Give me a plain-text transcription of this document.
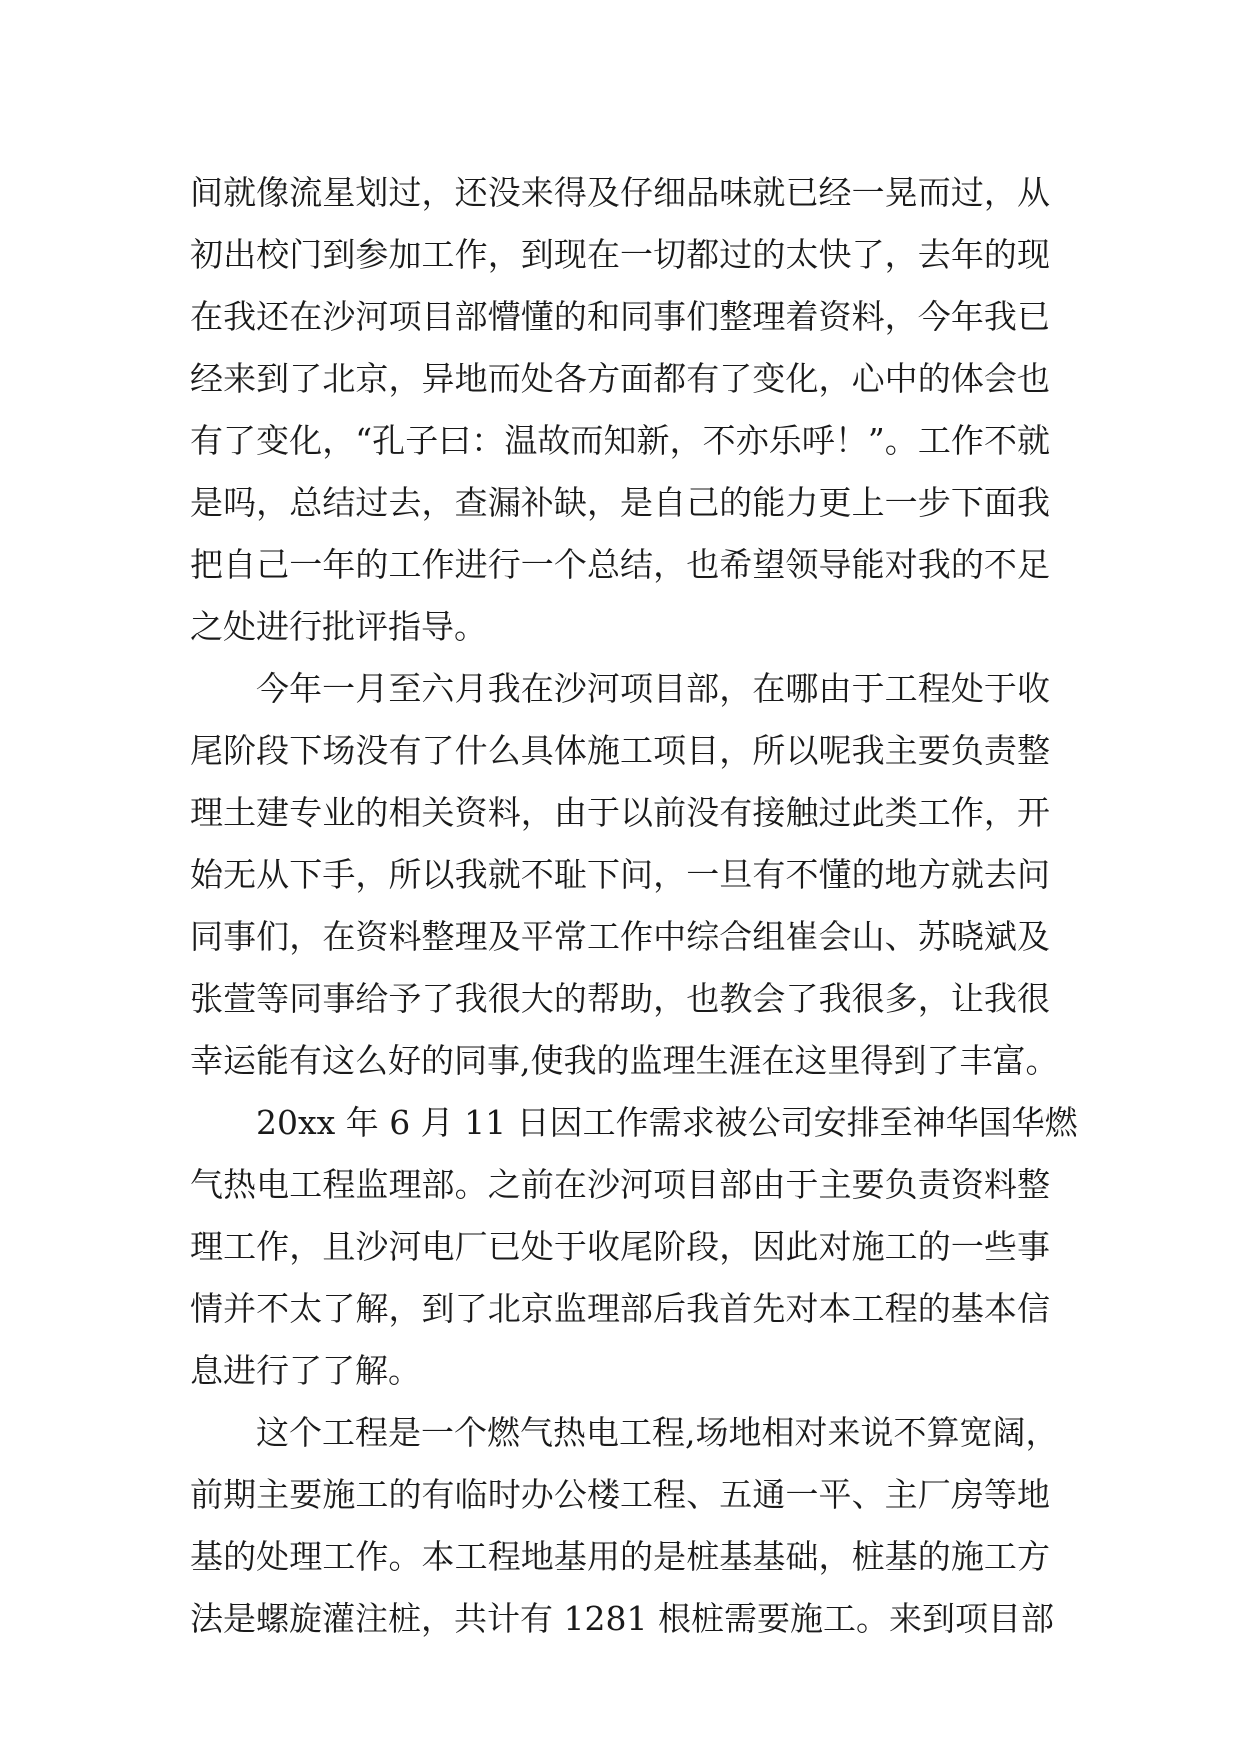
间就像流星划过，还没来得及仔细品味就已经一晃而过，从
初出校门到参加工作，到现在一切都过的太快了，去年的现
在我还在沙河项目部懵懂的和同事们整理着资料，今年我已
经来到了北京，异地而处各方面都有了变化，心中的体会也
有了变化，“孔子曰：温故而知新，不亦乐呼！”。工作不就
是吗，总结过去，查漏补缺，是自己的能力更上一步下面我
把自己一年的工作进行一个总结，也希望领导能对我的不足
之处进行批评指导。
今年一月至六月我在沙河项目部，在哪由于工程处于收
尾阶段下场没有了什么具体施工项目，所以呢我主要负责整
理土建专业的相关资料，由于以前没有接触过此类工作，开
始无从下手，所以我就不耻下问，一旦有不懂的地方就去问
同事们，在资料整理及平常工作中综合组崔会山、苏晓斌及
张萱等同事给予了我很大的帮助，也教会了我很多，让我很
幸运能有这么好的同事,使我的监理生涯在这里得到了丰富。
20xx 年 6 月 11 日因工作需求被公司安排至神华国华燃
气热电工程监理部。之前在沙河项目部由于主要负责资料整
理工作，且沙河电厂已处于收尾阶段，因此对施工的一些事
情并不太了解，到了北京监理部后我首先对本工程的基本信
息进行了了解。
这个工程是一个燃气热电工程,场地相对来说不算宽阔，
前期主要施工的有临时办公楼工程、五通一平、主厂房等地
基的处理工作。本工程地基用的是桩基基础，桩基的施工方
法是螺旋灌注桩，共计有 1281 根桩需要施工。来到项目部
